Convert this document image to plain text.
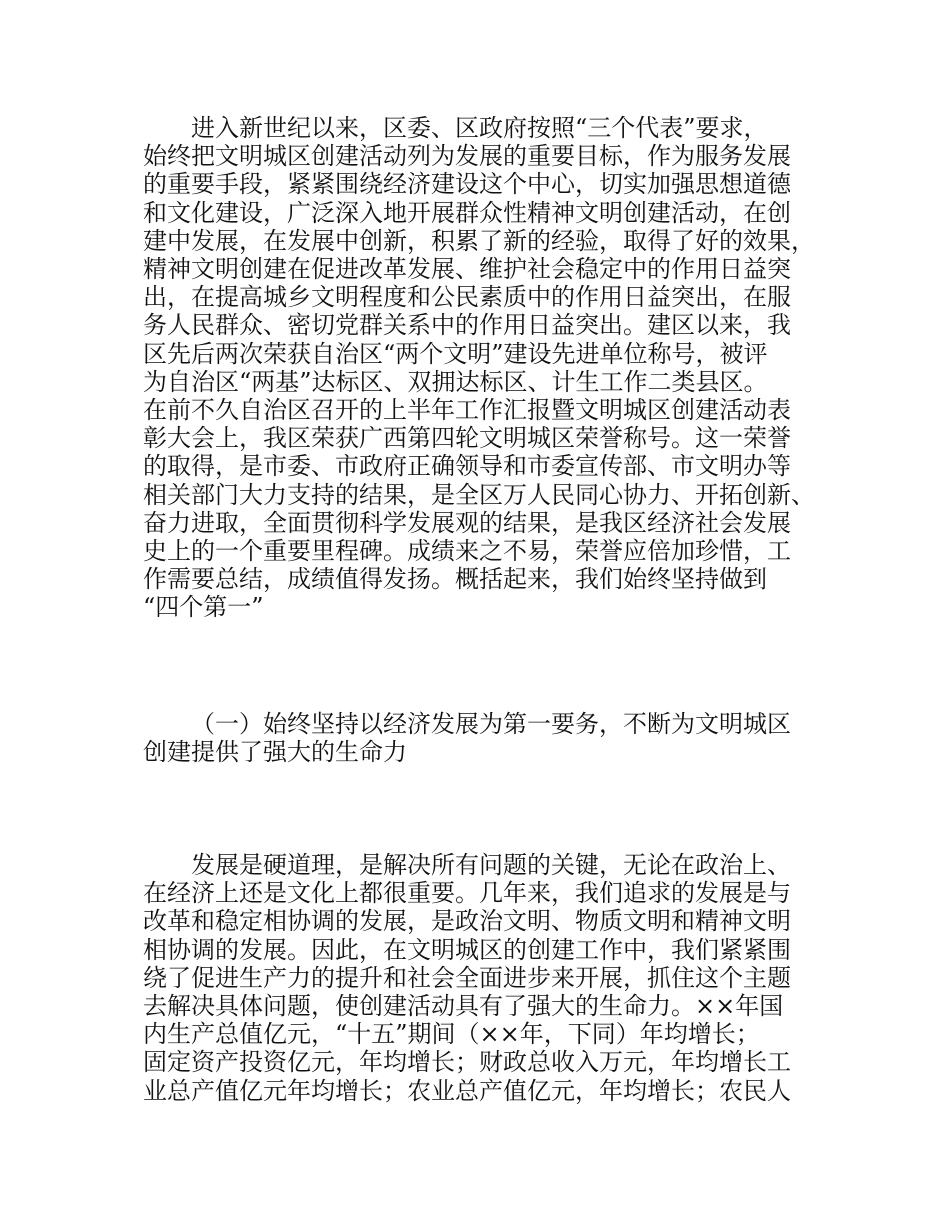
进入新世纪以来，区委、区政府按照“三个代表”要求，
始终把文明城区创建活动列为发展的重要目标，作为服务发展
的重要手段，紧紧围绕经济建设这个中心，切实加强思想道德
和文化建设，广泛深入地开展群众性精神文明创建活动，在创
建中发展，在发展中创新，积累了新的经验，取得了好的效果，
精神文明创建在促进改革发展、维护社会稳定中的作用日益突
出，在提高城乡文明程度和公民素质中的作用日益突出，在服
务人民群众、密切党群关系中的作用日益突出。建区以来，我
区先后两次荣获自治区“两个文明”建设先进单位称号，被评
为自治区“两基”达标区、双拥达标区、计生工作二类县区。
在前不久自治区召开的上半年工作汇报暨文明城区创建活动表
彰大会上，我区荣获广西第四轮文明城区荣誉称号。这一荣誉
的取得，是市委、市政府正确领导和市委宣传部、市文明办等
相关部门大力支持的结果，是全区万人民同心协力、开拓创新、
奋力进取，全面贯彻科学发展观的结果，是我区经济社会发展
史上的一个重要里程碑。成绩来之不易，荣誉应倍加珍惜，工
作需要总结，成绩值得发扬。概括起来，我们始终坚持做到
“四个第一”
（一）始终坚持以经济发展为第一要务，不断为文明城区
创建提供了强大的生命力
发展是硬道理，是解决所有问题的关键，无论在政治上、
在经济上还是文化上都很重要。几年来，我们追求的发展是与
改革和稳定相协调的发展，是政治文明、物质文明和精神文明
相协调的发展。因此，在文明城区的创建工作中，我们紧紧围
绕了促进生产力的提升和社会全面进步来开展，抓住这个主题
去解决具体问题，使创建活动具有了强大的生命力。××年国
内生产总值亿元，“十五”期间（××年，下同）年均增长；
固定资产投资亿元，年均增长；财政总收入万元，年均增长工
业总产值亿元年均增长；农业总产值亿元，年均增长；农民人
